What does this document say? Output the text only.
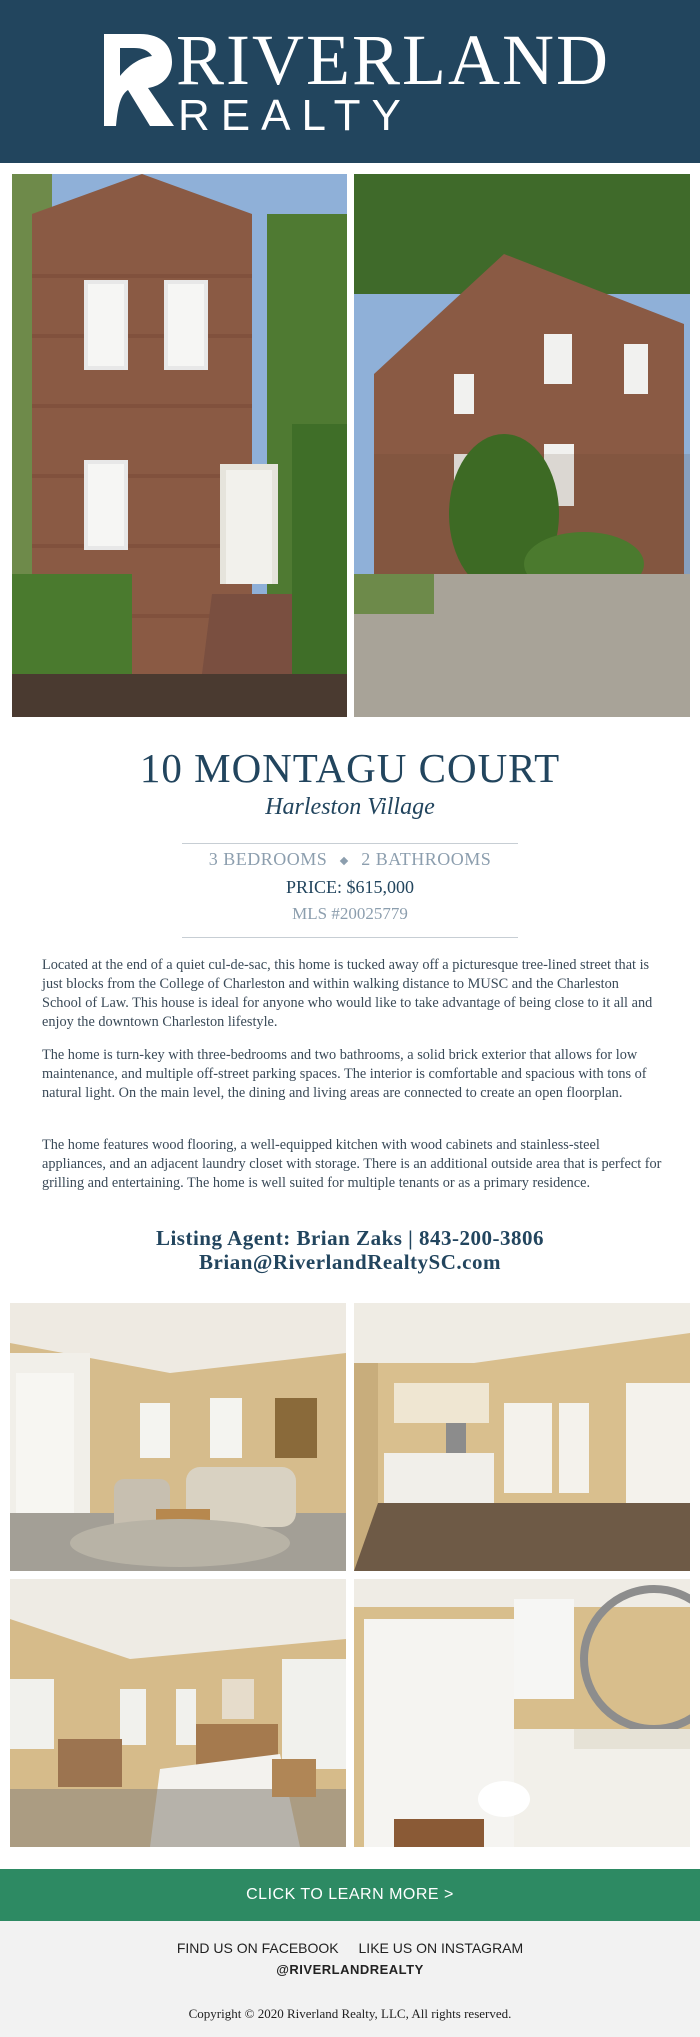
RIVERLAND
REALTY
10 MONTAGU COURT
Harleston Village
3 BEDROOMS 2 BATHROOMS
PRICE: $615,000
MLS #20025779

Located at the end of a quiet cul-de-sac, this home is tucked away off a picturesque tree-lined street that is just blocks from the College of Charleston and within walking distance to MUSC and the Charleston School of Law. This house is ideal for anyone who would like to take advantage of being close to it all and enjoy the downtown Charleston lifestyle.

The home is turn-key with three-bedrooms and two bathrooms, a solid brick exterior that allows for low maintenance, and multiple off-street parking spaces. The interior is comfortable and spacious with tons of natural light. On the main level, the dining and living areas are connected to create an open floorplan.

The home features wood flooring, a well-equipped kitchen with wood cabinets and stainless-steel appliances, and an adjacent laundry closet with storage. There is an additional outside area that is perfect for grilling and entertaining. The home is well suited for multiple tenants or as a primary residence.

Listing Agent: Brian Zaks | 843-200-3806
Brian@RiverlandRealtySC.com
CLICK TO LEARN MORE >
FIND US ON FACEBOOK LIKE US ON INSTAGRAM
@RIVERLANDREALTY
Copyright © 2020 Riverland Realty, LLC, All rights reserved.
